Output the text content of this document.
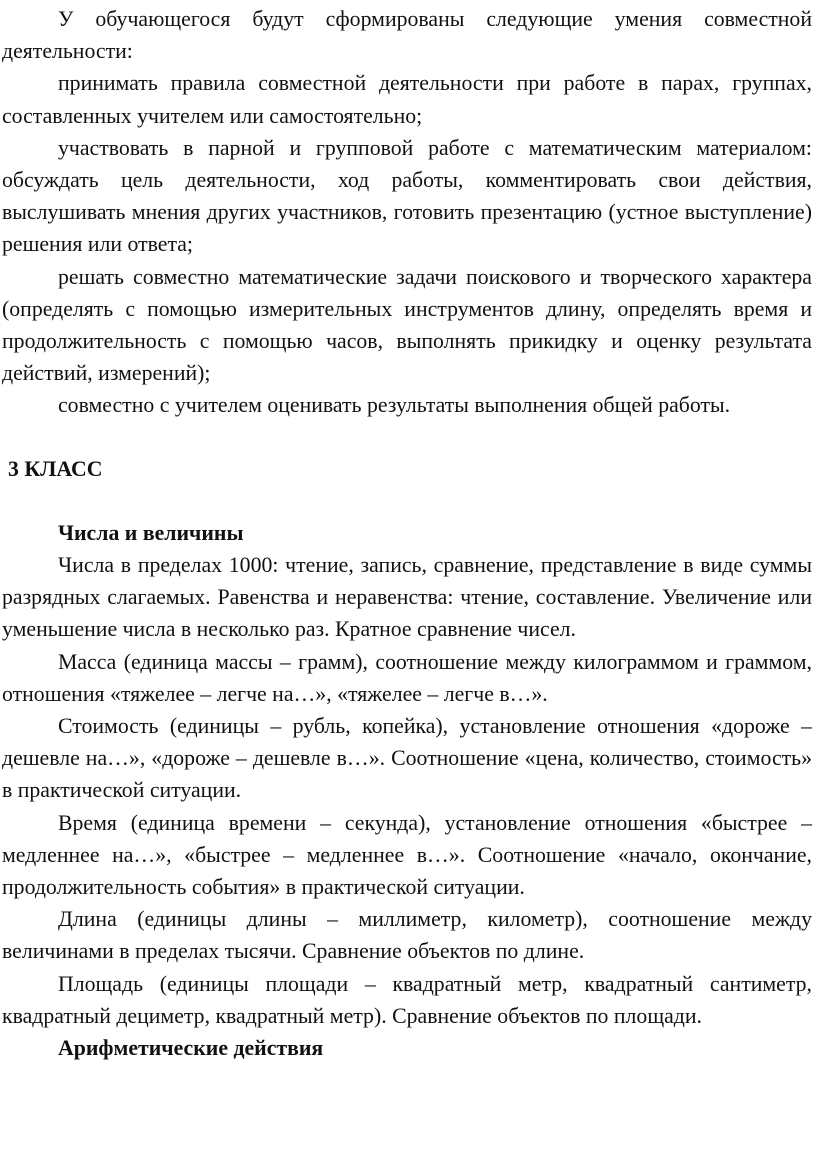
У обучающегося будут сформированы следующие умения совместной деятельности:

принимать правила совместной деятельности при работе в парах, группах, составленных учителем или самостоятельно;

участвовать в парной и групповой работе с математическим материалом: обсуждать цель деятельности, ход работы, комментировать свои действия, выслушивать мнения других участников, готовить презентацию (устное выступление) решения или ответа;

решать совместно математические задачи поискового и творческого характера (определять с помощью измерительных инструментов длину, определять время и продолжительность с помощью часов, выполнять прикидку и оценку результата действий, измерений);

совместно с учителем оценивать результаты выполнения общей работы.

3 КЛАСС

Числа и величины

Числа в пределах 1000: чтение, запись, сравнение, представление в виде суммы разрядных слагаемых. Равенства и неравенства: чтение, составление. Увеличение или уменьшение числа в несколько раз. Кратное сравнение чисел.

Масса (единица массы – грамм), соотношение между килограммом и граммом, отношения «тяжелее – легче на…», «тяжелее – легче в…».

Стоимость (единицы – рубль, копейка), установление отношения «дороже – дешевле на…», «дороже – дешевле в…». Соотношение «цена, количество, стоимость» в практической ситуации.

Время (единица времени – секунда), установление отношения «быстрее – медленнее на…», «быстрее – медленнее в…». Соотношение «начало, окончание, продолжительность события» в практической ситуации.

Длина (единицы длины – миллиметр, километр), соотношение между величинами в пределах тысячи. Сравнение объектов по длине.

Площадь (единицы площади – квадратный метр, квадратный сантиметр, квадратный дециметр, квадратный метр). Сравнение объектов по площади.

Арифметические действия
